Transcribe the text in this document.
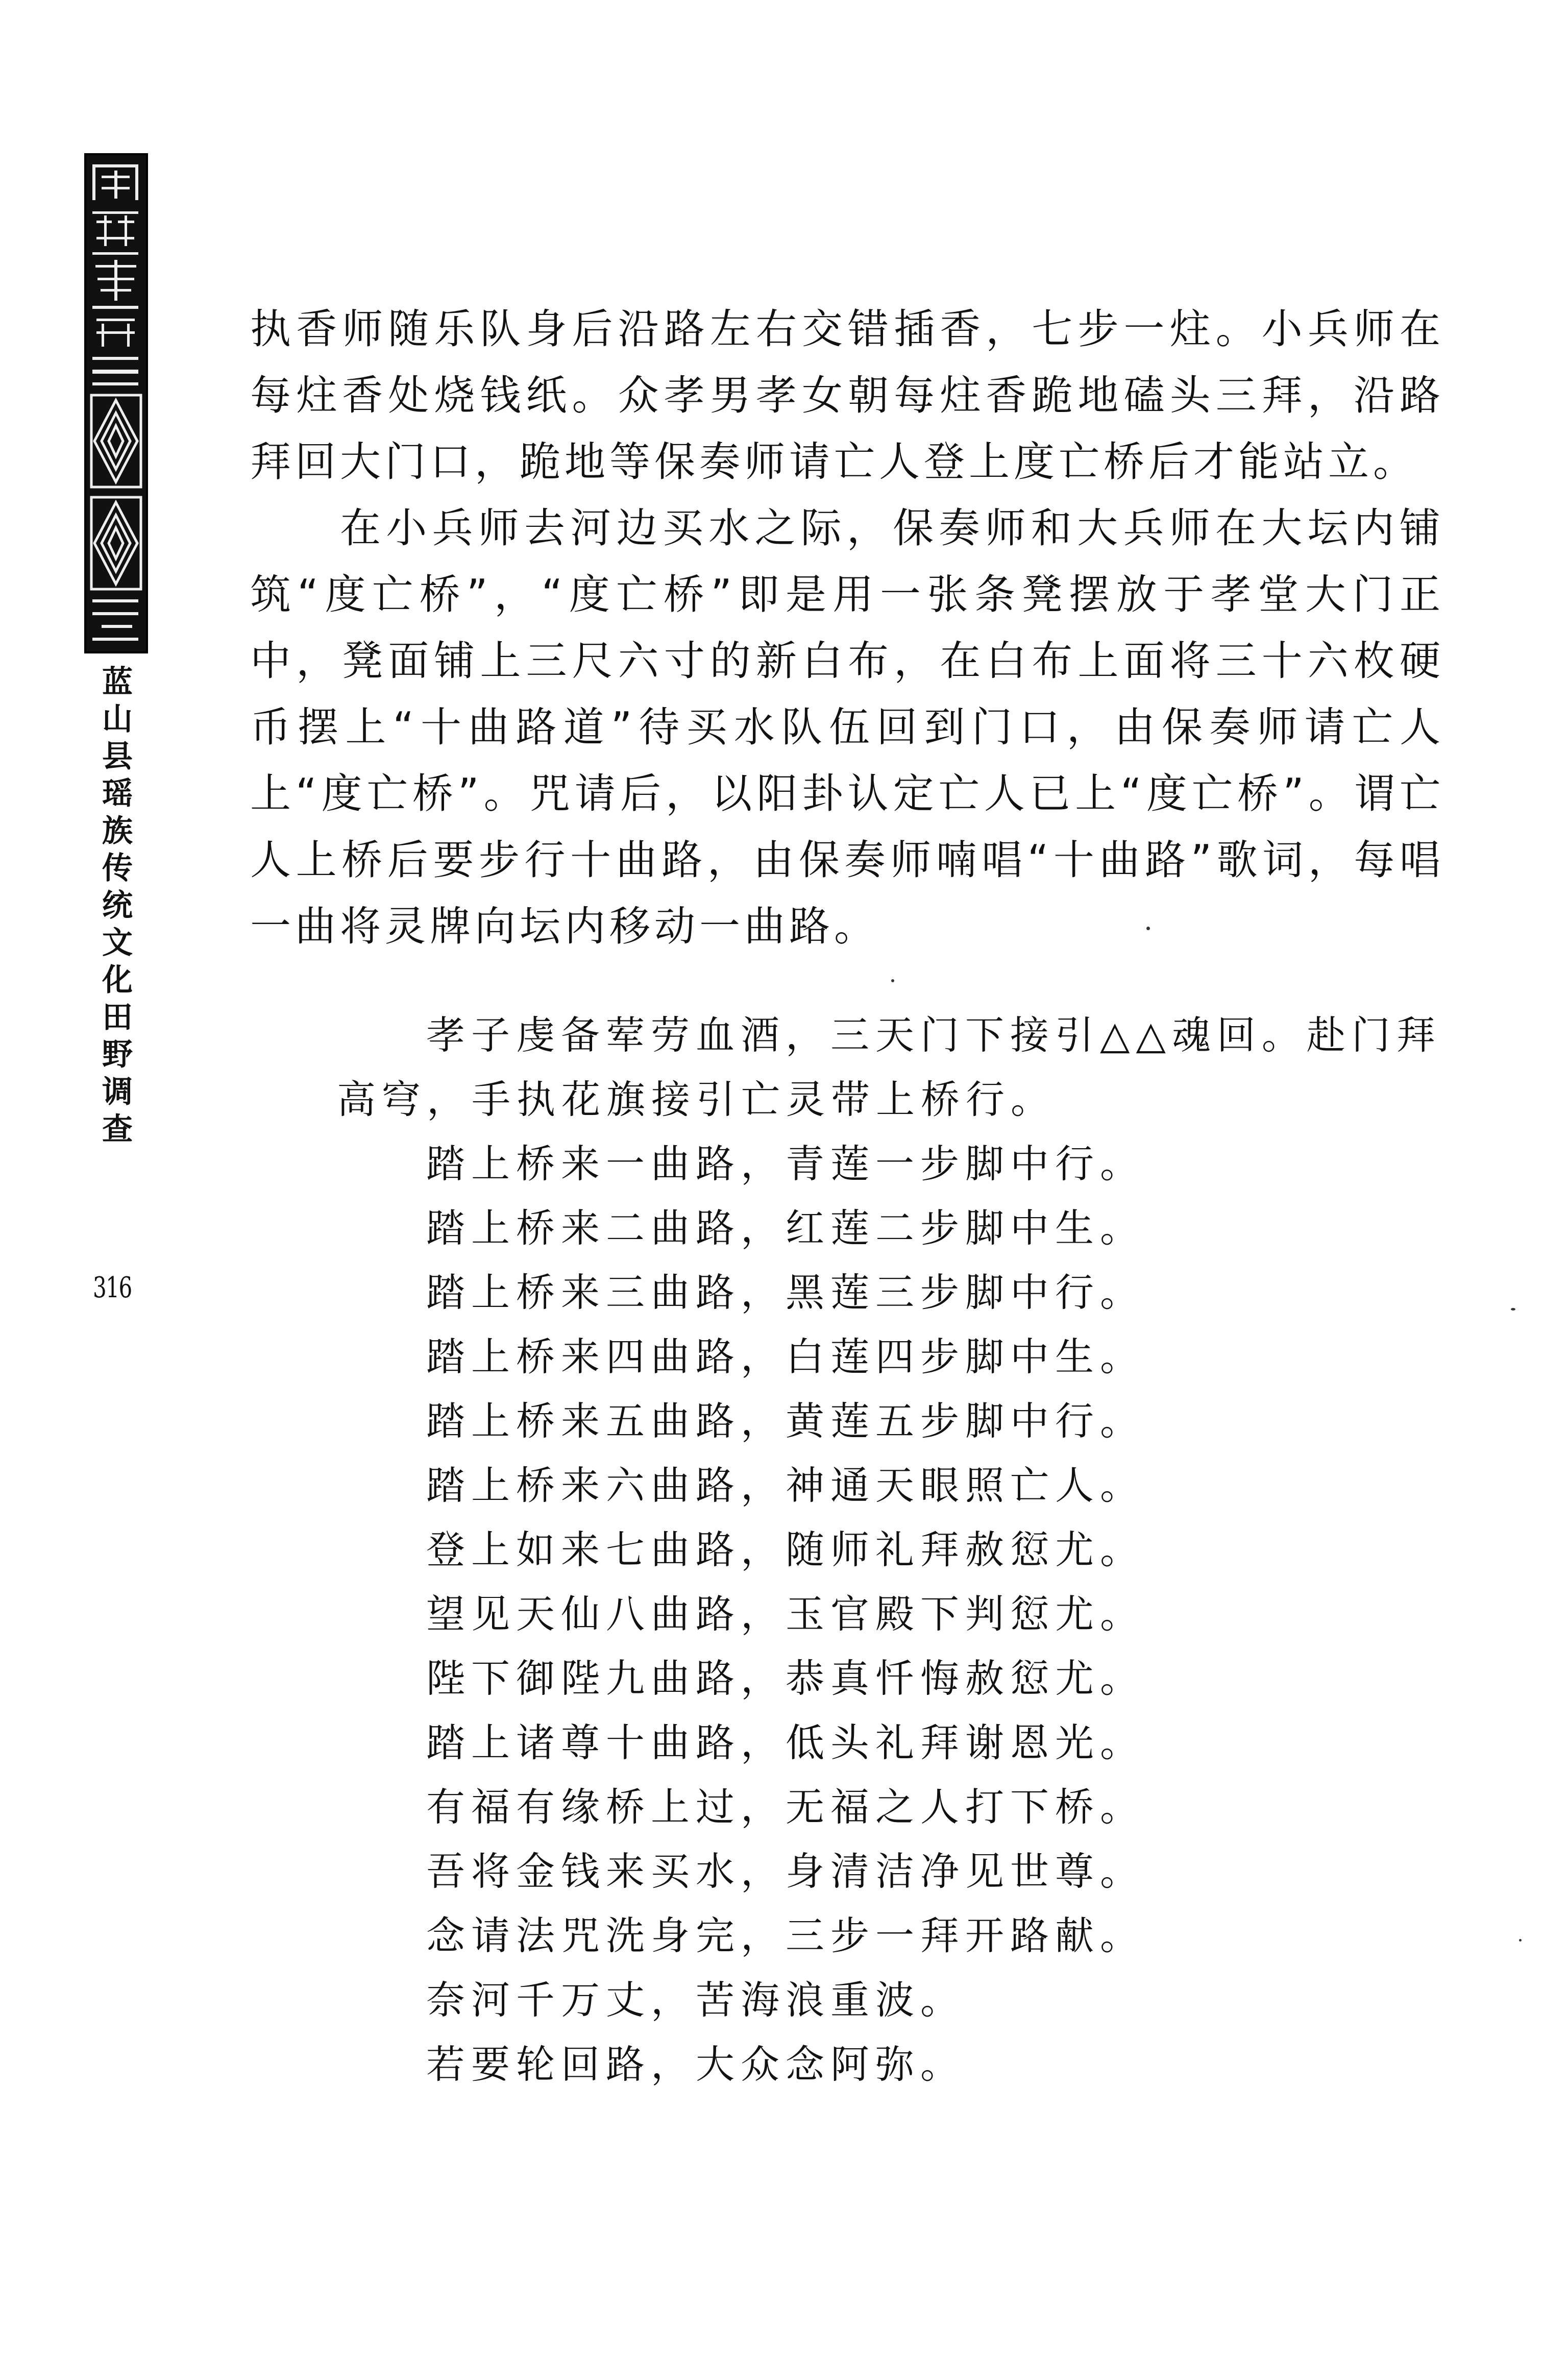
蓝
山
县
瑶
族
传
统
文
化
田
野
调
查
316

执香师随乐队身后沿路左右交错插香，七步一炷。小兵师在每炷香处烧钱纸。众孝男孝女朝每炷香跪地磕头三拜，沿路拜回大门口，跪地等保奏师请亡人登上度亡桥后才能站立。

在小兵师去河边买水之际，保奏师和大兵师在大坛内铺筑“度亡桥”，“度亡桥”即是用一张条凳摆放于孝堂大门正中，凳面铺上三尺六寸的新白布，在白布上面将三十六枚硬币摆上“十曲路道”待买水队伍回到门口，由保奏师请亡人上“度亡桥”。咒请后，以阳卦认定亡人已上“度亡桥”。谓亡人上桥后要步行十曲路，由保奏师喃唱“十曲路”歌词，每唱一曲将灵牌向坛内移动一曲路。

孝子虔备荤劳血酒，三天门下接引△△魂回。赴门拜高穹，手执花旗接引亡灵带上桥行。

踏上桥来一曲路，青莲一步脚中行。

踏上桥来二曲路，红莲二步脚中生。

踏上桥来三曲路，黑莲三步脚中行。

踏上桥来四曲路，白莲四步脚中生。

踏上桥来五曲路，黄莲五步脚中行。

踏上桥来六曲路，神通天眼照亡人。

登上如来七曲路，随师礼拜赦愆尤。

望见天仙八曲路，玉官殿下判愆尤。

陛下御陛九曲路，恭真忏悔赦愆尤。

踏上诸尊十曲路，低头礼拜谢恩光。

有福有缘桥上过，无福之人打下桥。

吾将金钱来买水，身清洁净见世尊。

念请法咒洗身完，三步一拜开路献。

奈河千万丈，苦海浪重波。

若要轮回路，大众念阿弥。
